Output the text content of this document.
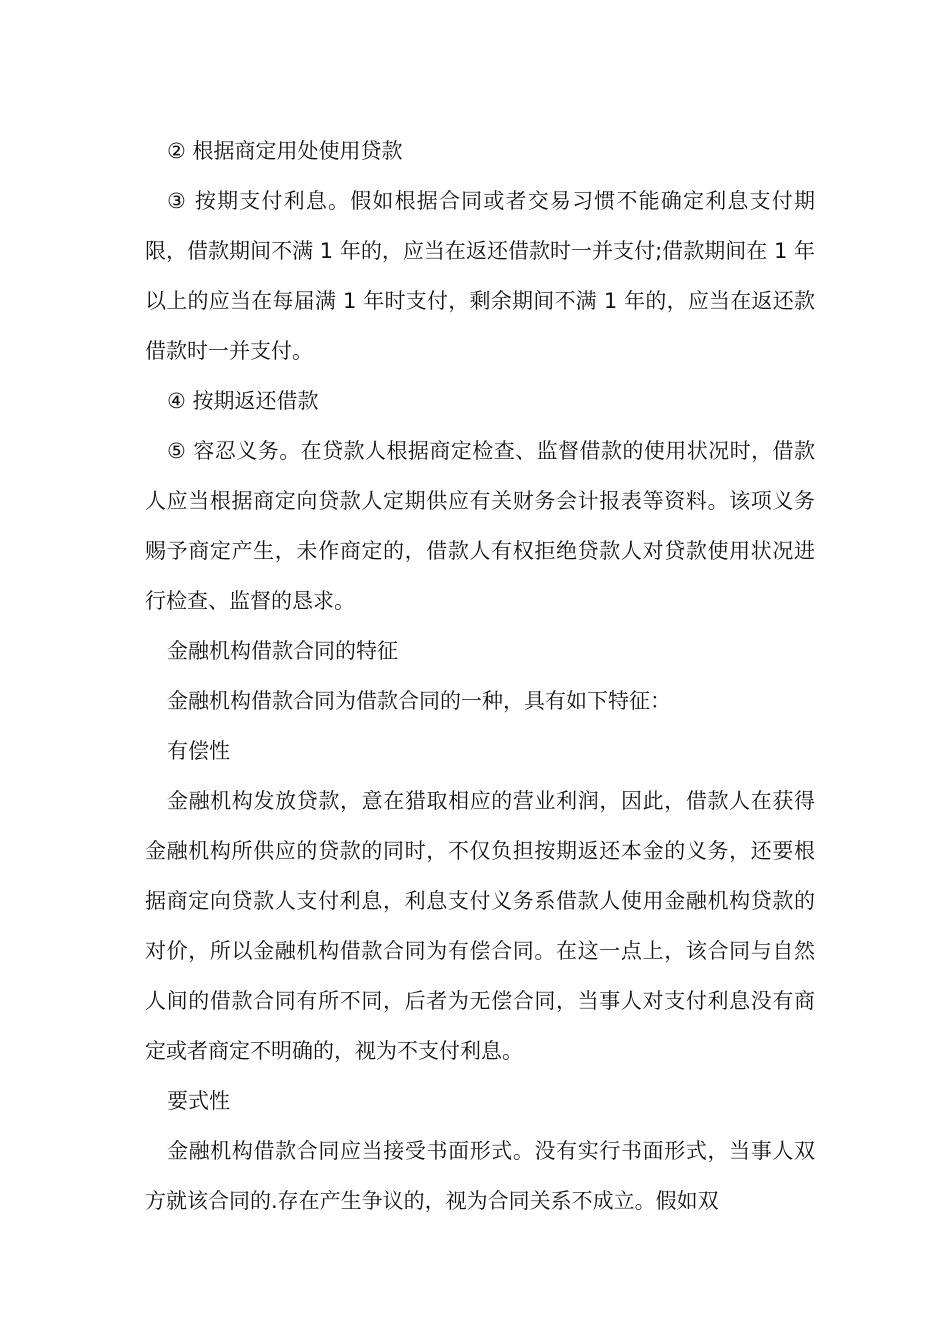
② 根据商定用处使用贷款

③ 按期支付利息。假如根据合同或者交易习惯不能确定利息支付期限，借款期间不满 1 年的，应当在返还借款时一并支付;借款期间在 1 年以上的应当在每届满 1 年时支付，剩余期间不满 1 年的，应当在返还款借款时一并支付。

④ 按期返还借款

⑤ 容忍义务。在贷款人根据商定检查、监督借款的使用状况时，借款人应当根据商定向贷款人定期供应有关财务会计报表等资料。该项义务赐予商定产生，未作商定的，借款人有权拒绝贷款人对贷款使用状况进行检查、监督的恳求。

金融机构借款合同的特征

金融机构借款合同为借款合同的一种，具有如下特征：

有偿性

金融机构发放贷款，意在猎取相应的营业利润，因此，借款人在获得金融机构所供应的贷款的同时，不仅负担按期返还本金的义务，还要根据商定向贷款人支付利息，利息支付义务系借款人使用金融机构贷款的对价，所以金融机构借款合同为有偿合同。在这一点上，该合同与自然人间的借款合同有所不同，后者为无偿合同，当事人对支付利息没有商定或者商定不明确的，视为不支付利息。

要式性

金融机构借款合同应当接受书面形式。没有实行书面形式，当事人双方就该合同的.存在产生争议的，视为合同关系不成立。假如双
